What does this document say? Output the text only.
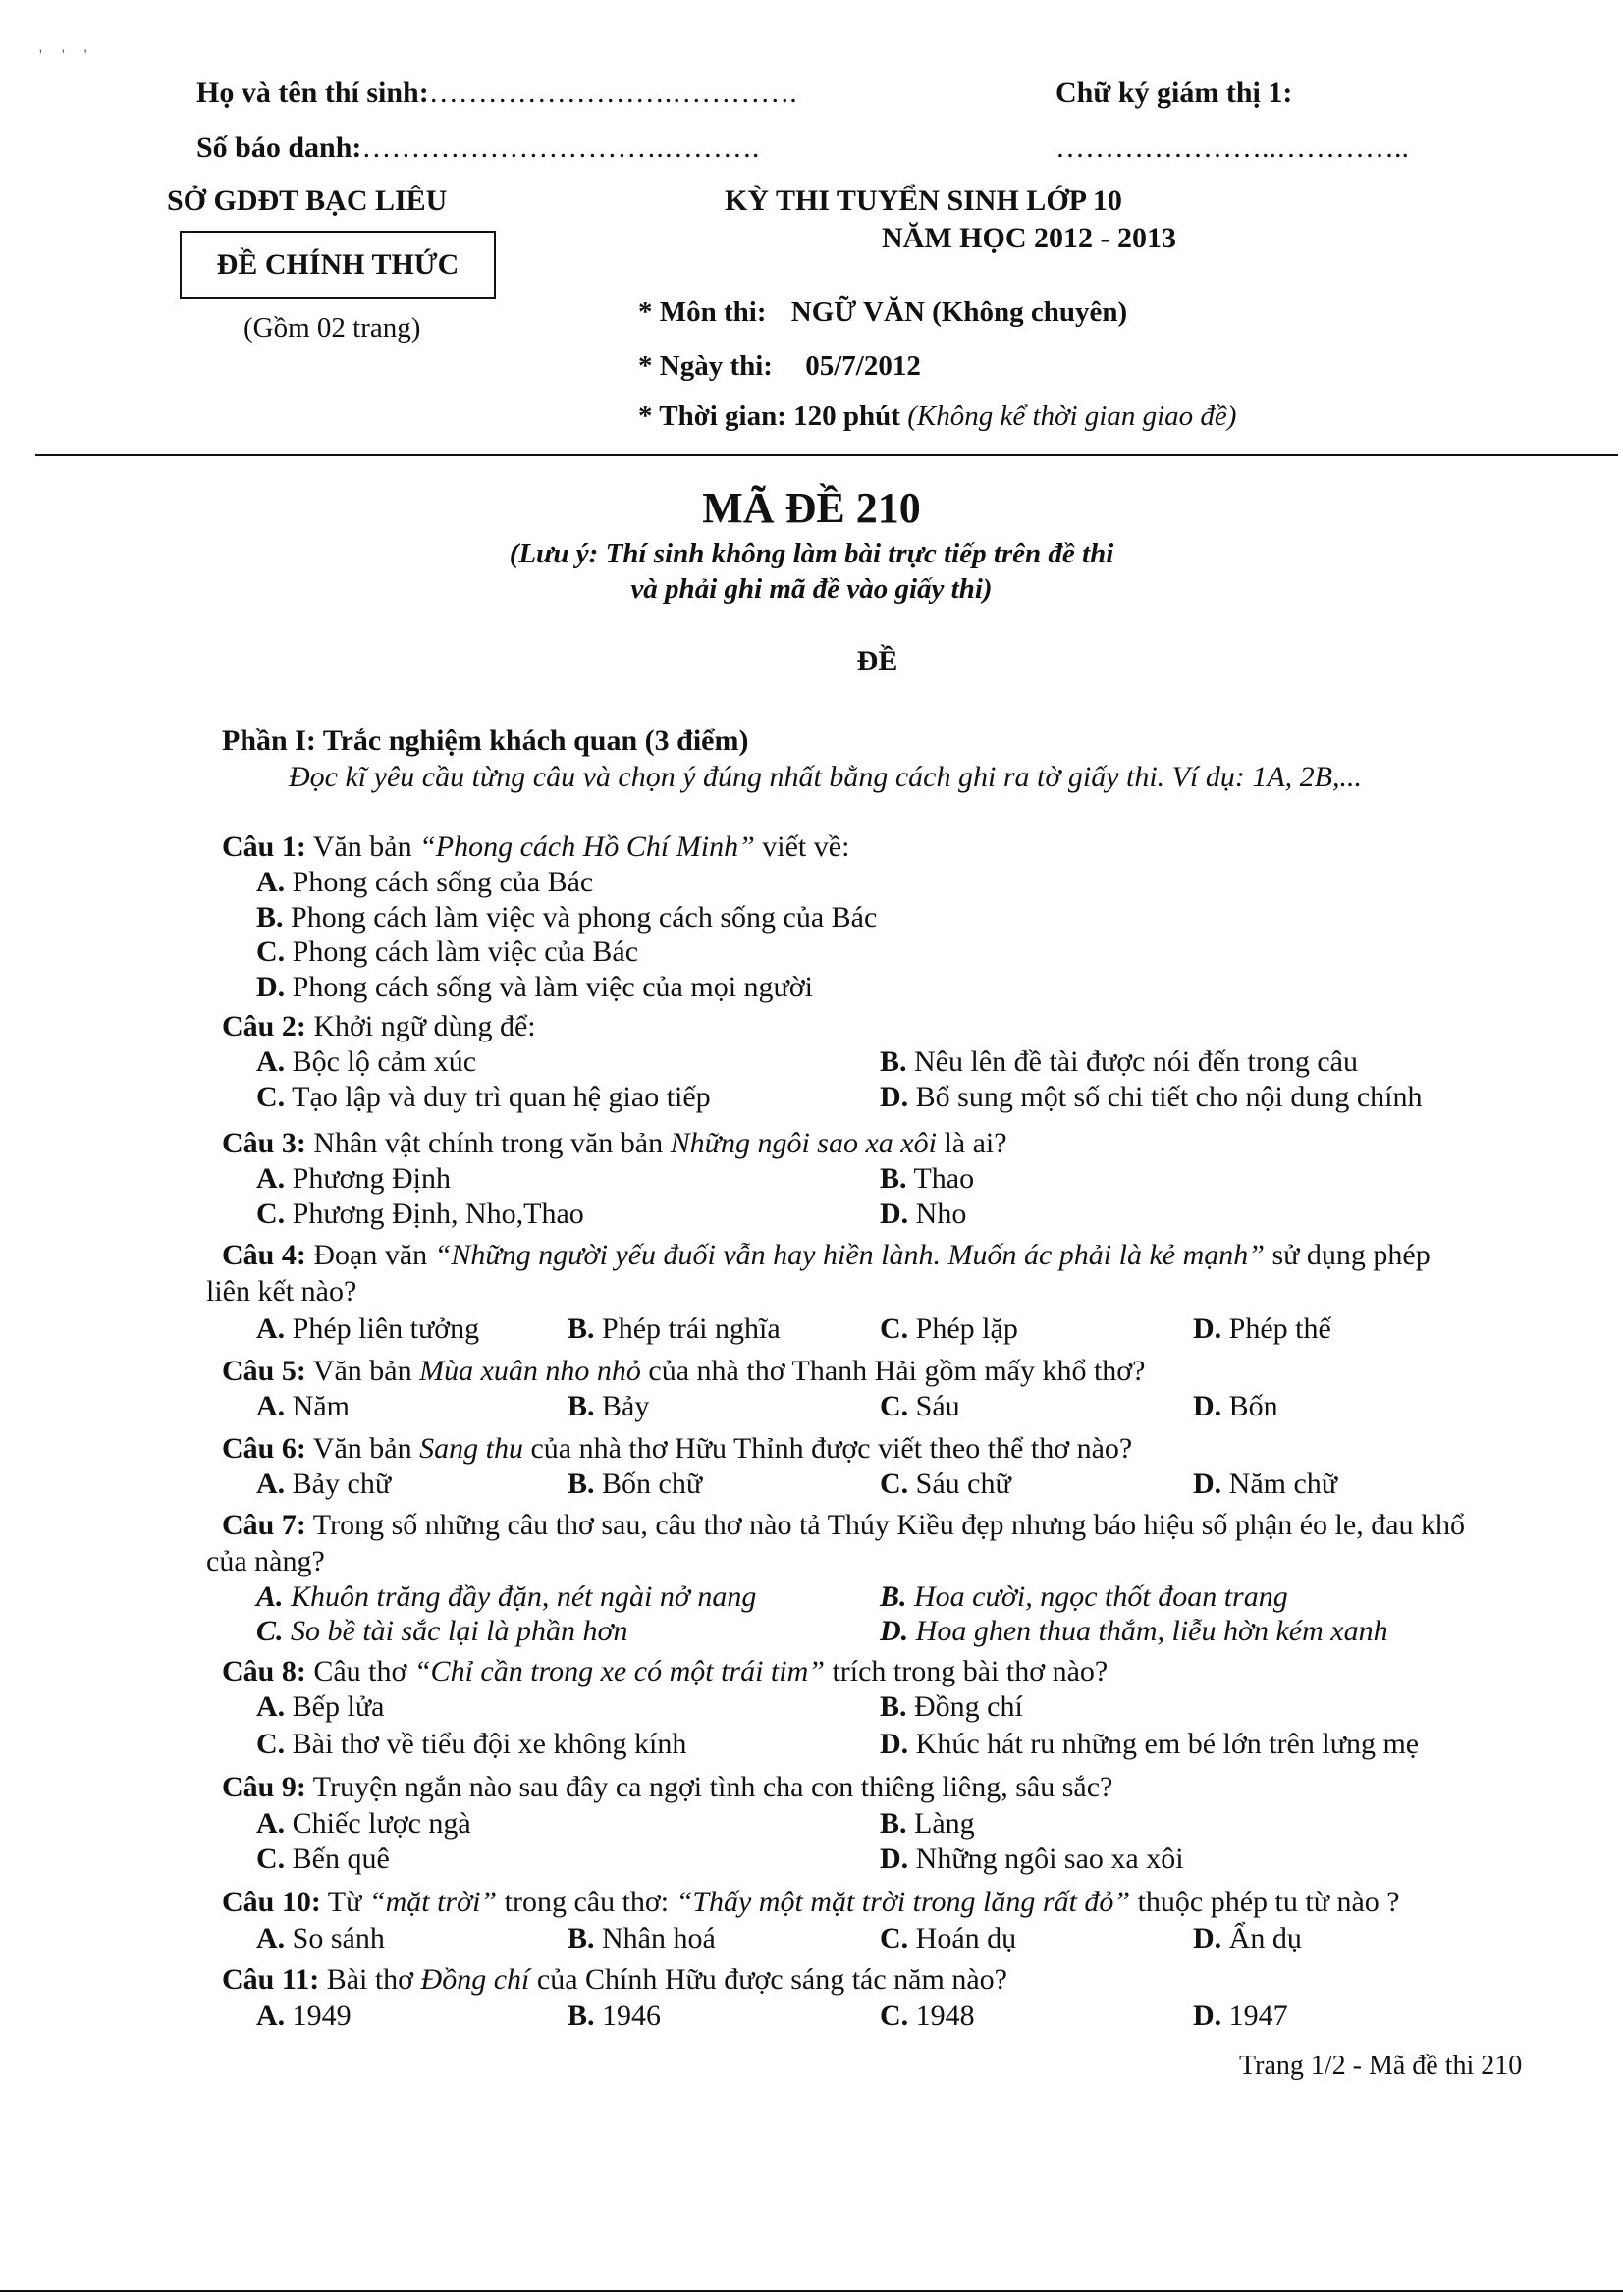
' ' '
Họ và tên thí sinh:…………………….………….
Số báo danh:………………………….……….
Chữ ký giám thị 1:
…………………..…………..
SỞ GDĐT BẠC LIÊU
ĐỀ CHÍNH THỨC
(Gồm 02 trang)
KỲ THI TUYỂN SINH LỚP 10
NĂM HỌC 2012 - 2013
* Môn thi: NGỮ VĂN (Không chuyên)
* Ngày thi: 05/7/2012
* Thời gian: 120 phút (Không kể thời gian giao đề)
MÃ ĐỀ 210
(Lưu ý: Thí sinh không làm bài trực tiếp trên đề thi
và phải ghi mã đề vào giấy thi)
ĐỀ
Phần I: Trắc nghiệm khách quan (3 điểm)
Đọc kĩ yêu cầu từng câu và chọn ý đúng nhất bằng cách ghi ra tờ giấy thi. Ví dụ: 1A, 2B,...
Câu 1: Văn bản “Phong cách Hồ Chí Minh” viết về:
A. Phong cách sống của Bác
B. Phong cách làm việc và phong cách sống của Bác
C. Phong cách làm việc của Bác
D. Phong cách sống và làm việc của mọi người
Câu 2: Khởi ngữ dùng để:
A. Bộc lộ cảm xúc	B. Nêu lên đề tài được nói đến trong câu
C. Tạo lập và duy trì quan hệ giao tiếp	D. Bổ sung một số chi tiết cho nội dung chính
Câu 3: Nhân vật chính trong văn bản Những ngôi sao xa xôi là ai?
A. Phương Định	B. Thao
C. Phương Định, Nho,Thao	D. Nho
Câu 4: Đoạn văn “Những người yếu đuối vẫn hay hiền lành. Muốn ác phải là kẻ mạnh” sử dụng phép
liên kết nào?
A. Phép liên tưởng	B. Phép trái nghĩa	C. Phép lặp	D. Phép thế
Câu 5: Văn bản Mùa xuân nho nhỏ của nhà thơ Thanh Hải gồm mấy khổ thơ?
A. Năm	B. Bảy	C. Sáu	D. Bốn
Câu 6: Văn bản Sang thu của nhà thơ Hữu Thỉnh được viết theo thể thơ nào?
A. Bảy chữ	B. Bốn chữ	C. Sáu chữ	D. Năm chữ
Câu 7: Trong số những câu thơ sau, câu thơ nào tả Thúy Kiều đẹp nhưng báo hiệu số phận éo le, đau khổ
của nàng?
A. Khuôn trăng đầy đặn, nét ngài nở nang	B. Hoa cười, ngọc thốt đoan trang
C. So bề tài sắc lại là phần hơn	D. Hoa ghen thua thắm, liễu hờn kém xanh
Câu 8: Câu thơ “Chỉ cần trong xe có một trái tim” trích trong bài thơ nào?
A. Bếp lửa	B. Đồng chí
C. Bài thơ về tiểu đội xe không kính	D. Khúc hát ru những em bé lớn trên lưng mẹ
Câu 9: Truyện ngắn nào sau đây ca ngợi tình cha con thiêng liêng, sâu sắc?
A. Chiếc lược ngà	B. Làng
C. Bến quê	D. Những ngôi sao xa xôi
Câu 10: Từ “mặt trời” trong câu thơ: “Thấy một mặt trời trong lăng rất đỏ” thuộc phép tu từ nào ?
A. So sánh	B. Nhân hoá	C. Hoán dụ	D. Ẩn dụ
Câu 11: Bài thơ Đồng chí của Chính Hữu được sáng tác năm nào?
A. 1949	B. 1946	C. 1948	D. 1947
Trang 1/2 - Mã đề thi 210
